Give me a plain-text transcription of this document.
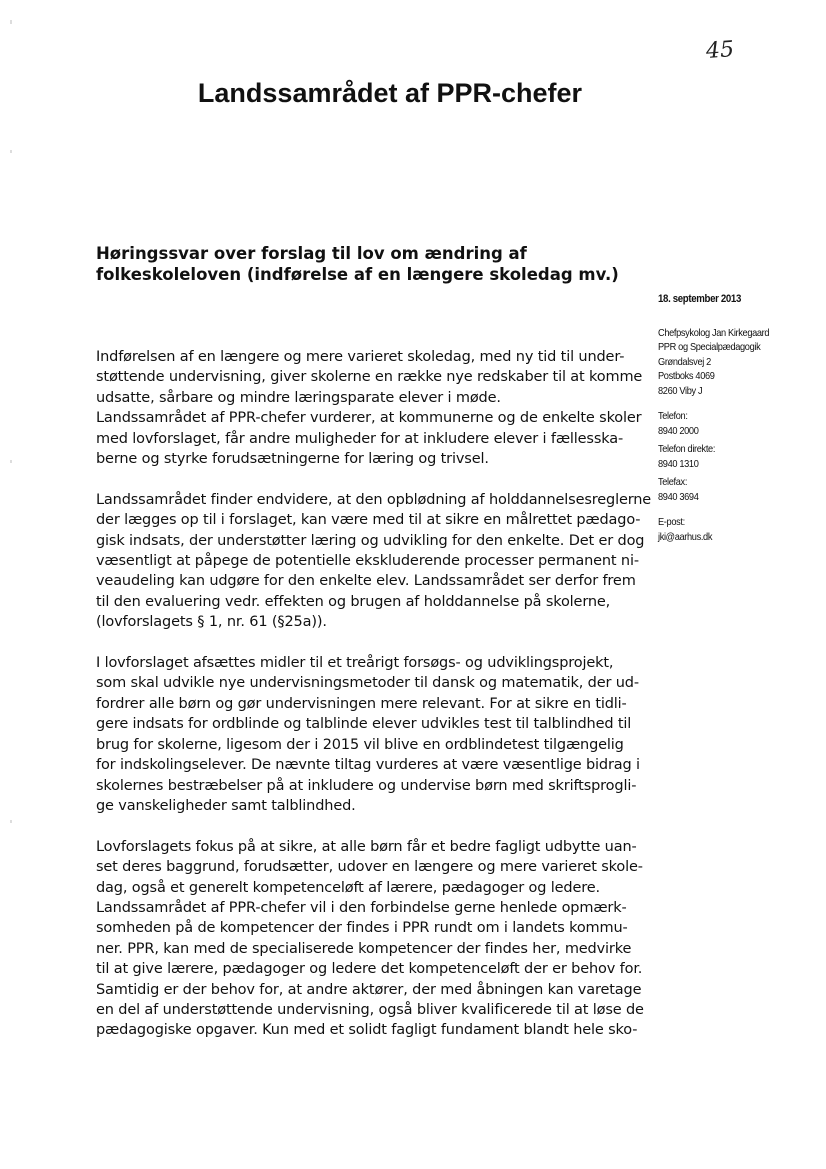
45
Landssamrådet af PPR-chefer
Høringssvar over forslag til lov om ændring af
folkeskoleloven (indførelse af en længere skoledag mv.)
18. september 2013
Chefpsykolog Jan Kirkegaard
PPR og Specialpædagogik
Grøndalsvej 2
Postboks 4069
8260 Viby J
Telefon:
8940 2000
Telefon direkte:
8940 1310
Telefax:
8940 3694
E-post:
jki@aarhus.dk

Indførelsen af en længere og mere varieret skoledag, med ny tid til under-
støttende undervisning, giver skolerne en række nye redskaber til at komme
udsatte, sårbare og mindre læringsparate elever i møde.
Landssamrådet af PPR-chefer vurderer, at kommunerne og de enkelte skoler
med lovforslaget, får andre muligheder for at inkludere elever i fællesska-
berne og styrke forudsætningerne for læring og trivsel.

Landssamrådet finder endvidere, at den opblødning af holddannelsesreglerne
der lægges op til i forslaget, kan være med til at sikre en målrettet pædago-
gisk indsats, der understøtter læring og udvikling for den enkelte. Det er dog
væsentligt at påpege de potentielle ekskluderende processer permanent ni-
veaudeling kan udgøre for den enkelte elev. Landssamrådet ser derfor frem
til den evaluering vedr. effekten og brugen af holddannelse på skolerne,
(lovforslagets § 1, nr. 61 (§25a)).

I lovforslaget afsættes midler til et treårigt forsøgs- og udviklingsprojekt,
som skal udvikle nye undervisningsmetoder til dansk og matematik, der ud-
fordrer alle børn og gør undervisningen mere relevant. For at sikre en tidli-
gere indsats for ordblinde og talblinde elever udvikles test til talblindhed til
brug for skolerne, ligesom der i 2015 vil blive en ordblindetest tilgængelig
for indskolingselever. De nævnte tiltag vurderes at være væsentlige bidrag i
skolernes bestræbelser på at inkludere og undervise børn med skriftsprogli-
ge vanskeligheder samt talblindhed.

Lovforslagets fokus på at sikre, at alle børn får et bedre fagligt udbytte uan-
set deres baggrund, forudsætter, udover en længere og mere varieret skole-
dag, også et generelt kompetenceløft af lærere, pædagoger og ledere.
Landssamrådet af PPR-chefer vil i den forbindelse gerne henlede opmærk-
somheden på de kompetencer der findes i PPR rundt om i landets kommu-
ner. PPR, kan med de specialiserede kompetencer der findes her, medvirke
til at give lærere, pædagoger og ledere det kompetenceløft der er behov for.
Samtidig er der behov for, at andre aktører, der med åbningen kan varetage
en del af understøttende undervisning, også bliver kvalificerede til at løse de
pædagogiske opgaver. Kun med et solidt fagligt fundament blandt hele sko-
